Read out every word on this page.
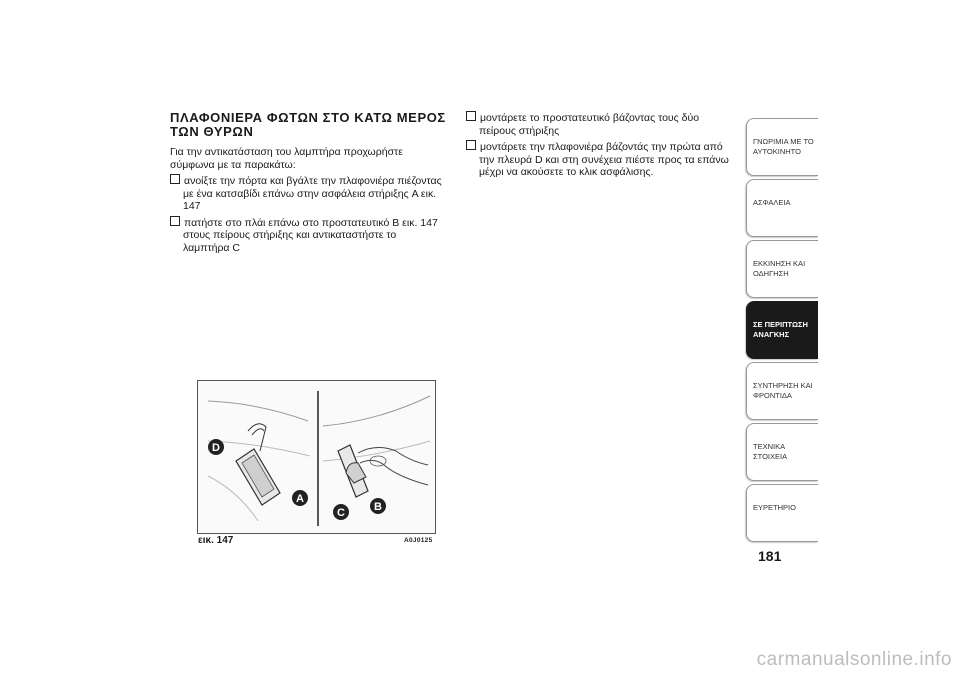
ΠΛΑΦΟΝΙΕΡΑ ΦΩΤΩΝ ΣΤΟ ΚΑΤΩ ΜΕΡΟΣ ΤΩΝ ΘΥΡΩΝ

Για την αντικατάσταση του λαμπτήρα προχωρήστε σύμφωνα με τα παρακάτω:

ανοίξτε την πόρτα και βγάλτε την πλαφονιέρα πιέζοντας με ένα κατσαβίδι επάνω στην ασφάλεια στήριξης A εικ. 147

πατήστε στο πλάι επάνω στο προστατευτικό B εικ. 147 στους πείρους στήριξης και αντικαταστήστε το λαμπτήρα C

μοντάρετε το προστατευτικό βάζοντας τους δύο πείρους στήριξης

μοντάρετε την πλαφονιέρα βάζοντάς την πρώτα από την πλευρά D και στη συνέχεια πιέστε προς τα επάνω μέχρι να ακούσετε το κλικ ασφάλισης.

D
A
C	B
εικ. 147	A0J0125
ΓΝΩΡΙΜΙΑ ΜΕ ΤΟ ΑΥΤΟΚΙΝΗΤΟ
ΑΣΦΑΛΕΙΑ
ΕΚΚΙΝΗΣΗ ΚΑΙ ΟΔΗΓΗΣΗ
ΣΕ ΠΕΡΙΠΤΩΣΗ ΑΝΑΓΚΗΣ
ΣΥΝΤΗΡΗΣΗ ΚΑΙ ΦΡΟΝΤΙΔΑ
ΤΕΧΝΙΚΑ ΣΤΟΙΧΕΙΑ
ΕΥΡΕΤΗΡΙΟ
181
carmanualsonline.info
